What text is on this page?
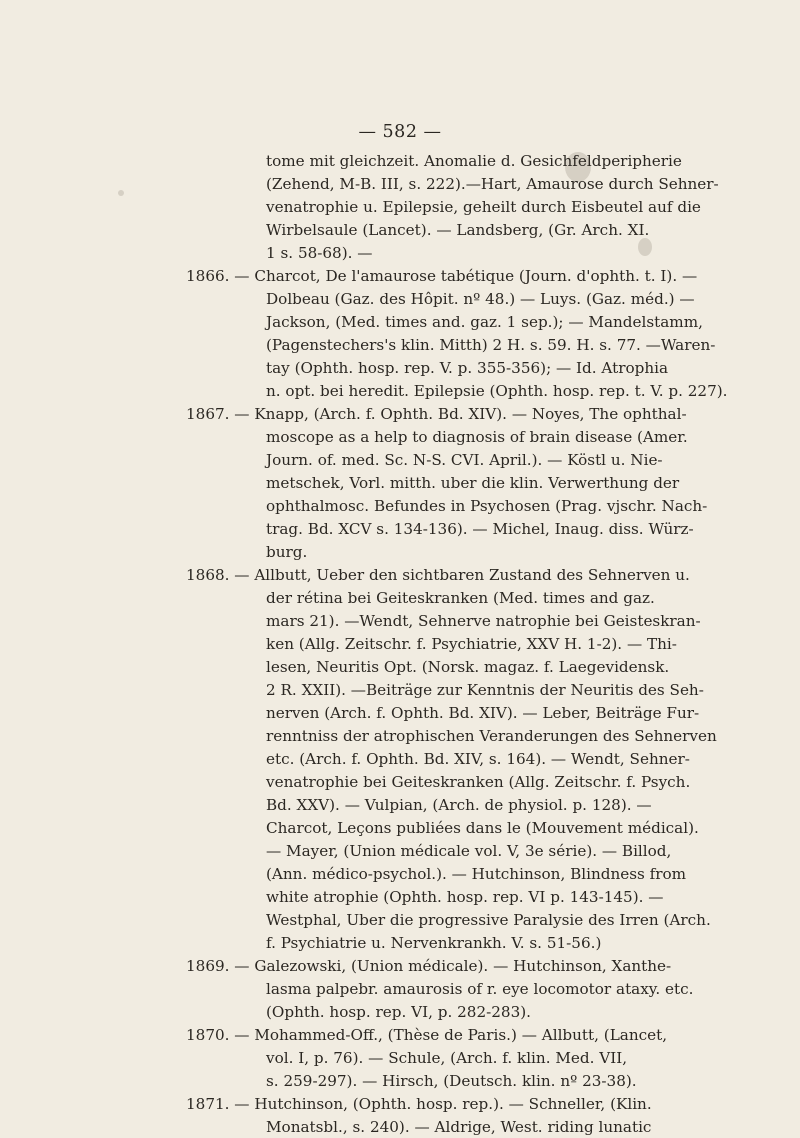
— 582 —
tome mit gleichzeit. Anomalie d. Gesichfeldperipherie
(Zehend, M-B. III, s. 222).—Hart, Amaurose durch Sehner-
venatrophie u. Epilepsie, geheilt durch Eisbeutel auf die
Wirbelsaule (Lancet). — Landsberg, (Gr. Arch. XI.
1 s. 58-68). —
1866. — Charcot, De l'amaurose tabétique (Journ. d'ophth. t. I). —
Dolbeau (Gaz. des Hôpit. nº 48.) — Luys. (Gaz. méd.) —
Jackson, (Med. times and. gaz. 1 sep.); — Mandelstamm,
(Pagenstechers's klin. Mitth) 2 H. s. 59. H. s. 77. —Waren-
tay (Ophth. hosp. rep. V. p. 355-356); — Id. Atrophia
n. opt. bei heredit. Epilepsie (Ophth. hosp. rep. t. V. p. 227).
1867. — Knapp, (Arch. f. Ophth. Bd. XIV). — Noyes, The ophthal-
moscope as a help to diagnosis of brain disease (Amer.
Journ. of. med. Sc. N-S. CVI. April.). — Köstl u. Nie-
metschek, Vorl. mitth. uber die klin. Verwerthung der
ophthalmosc. Befundes in Psychosen (Prag. vjschr. Nach-
trag. Bd. XCV s. 134-136). — Michel, Inaug. diss. Würz-
burg.
1868. — Allbutt, Ueber den sichtbaren Zustand des Sehnerven u.
der rétina bei Geiteskranken (Med. times and gaz.
mars 21). —Wendt, Sehnerve natrophie bei Geisteskran-
ken (Allg. Zeitschr. f. Psychiatrie, XXV H. 1-2). — Thi-
lesen, Neuritis Opt. (Norsk. magaz. f. Laegevidensk.
2 R. XXII). —Beiträge zur Kenntnis der Neuritis des Seh-
nerven (Arch. f. Ophth. Bd. XIV). — Leber, Beiträge Fur-
renntniss der atrophischen Veranderungen des Sehnerven
etc. (Arch. f. Ophth. Bd. XIV, s. 164). — Wendt, Sehner-
venatrophie bei Geiteskranken (Allg. Zeitschr. f. Psych.
Bd. XXV). — Vulpian, (Arch. de physiol. p. 128). —
Charcot, Leçons publiées dans le (Mouvement médical).
— Mayer, (Union médicale vol. V, 3e série). — Billod,
(Ann. médico-psychol.). — Hutchinson, Blindness from
white atrophie (Ophth. hosp. rep. VI p. 143-145). —
Westphal, Uber die progressive Paralysie des Irren (Arch.
f. Psychiatrie u. Nervenkrankh. V. s. 51-56.)
1869. — Galezowski, (Union médicale). — Hutchinson, Xanthe-
lasma palpebr. amaurosis of r. eye locomotor ataxy. etc.
(Ophth. hosp. rep. VI, p. 282-283).
1870. — Mohammed-Off., (Thèse de Paris.) — Allbutt, (Lancet,
vol. I, p. 76). — Schule, (Arch. f. klin. Med. VII,
s. 259-297). — Hirsch, (Deutsch. klin. nº 23-38).
1871. — Hutchinson, (Ophth. hosp. rep.). — Schneller, (Klin.
Monatsbl., s. 240). — Aldrige, West. riding lunatic
